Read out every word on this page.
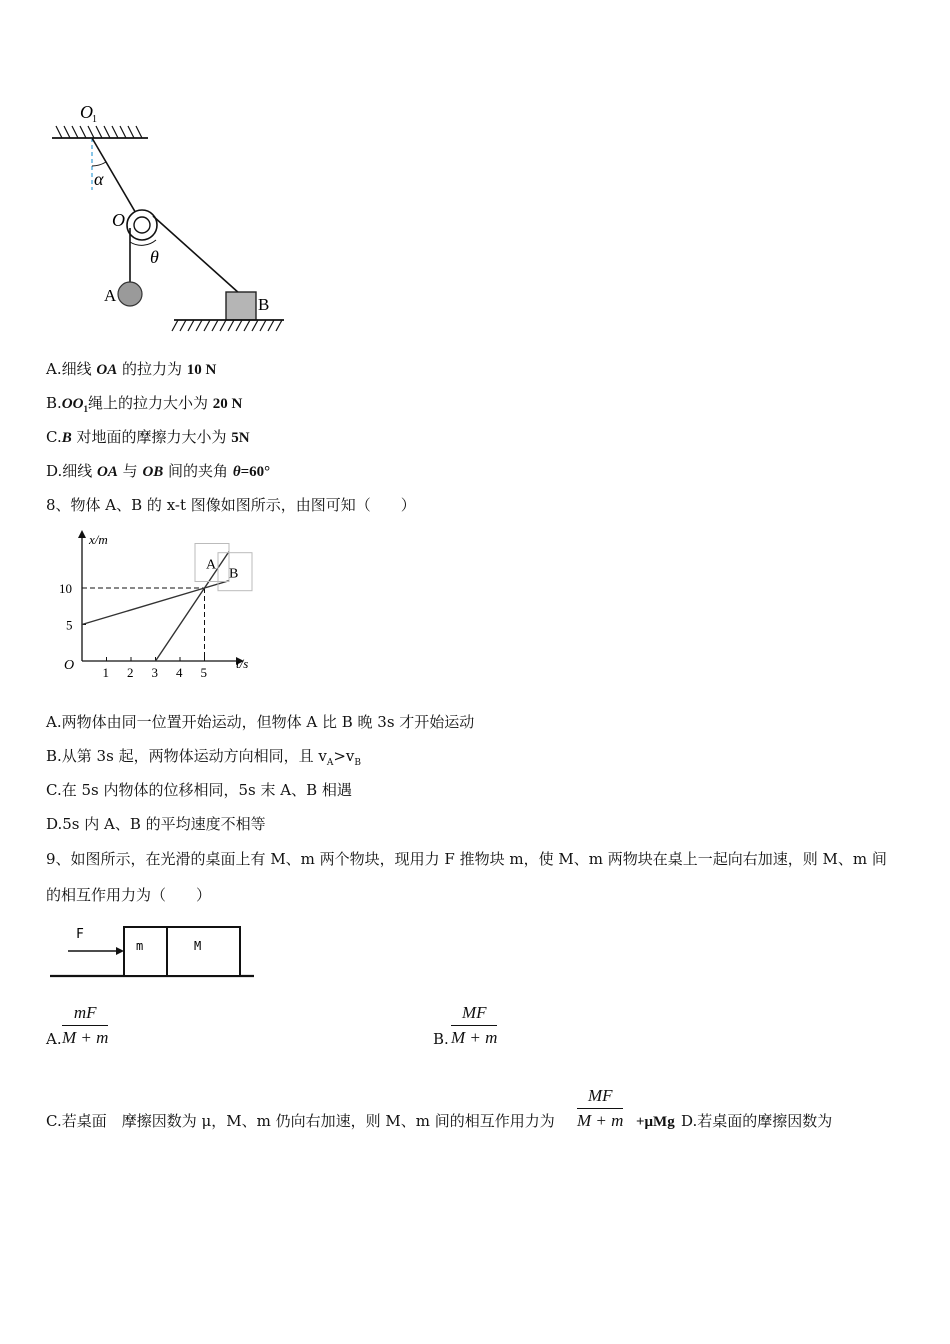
O 1
α
O
θ
A	B
A.细线 OA 的拉力为 10 N
$B.OO_1$绳上的拉力大小为 20 N
C.B 对地面的摩擦力大小为 5N
D.细线 OA 与 OB 间的夹角 θ=60°
8、物体 A、B 的 x-t 图像如图所示，由图可知（　　）
x/m
t/s
O 1 2 3 4 5
5
10
A
B
A.两物体由同一位置开始运动，但物体 A 比 B 晚 3s 才开始运动
B.从第 3s 起，两物体运动方向相同，且 $v_A>v_B$
C.在 5s 内物体的位移相同，5s 末 A、B 相遇
D.5s 内 A、B 的平均速度不相等
9、如图所示，在光滑的桌面上有 M、m 两个物块，现用力 F 推物块 m，使 M、m 两物块在桌上一起向右加速，则 M、m 间
的相互作用力为（　　）
F
m	M
A. $\frac{mF}{M + m}$	B. $\frac{MF}{M + m}$
C.若桌面　摩擦因数为 μ，M、m 仍向右加速，则 M、m 间的相互作用力为 $\frac{MF}{M + m} +\mu Mg$ D.若桌面的摩擦因数为
